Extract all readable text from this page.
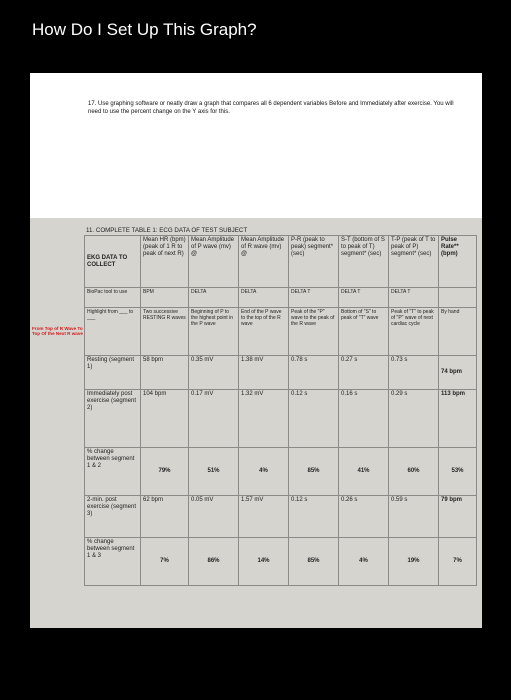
How Do I Set Up This Graph?
17. Use graphing software or neatly draw a graph that compares all 6 dependent variables Before and Immediately after exercise. You will need to use the percent change on the Y axis for this.
11. COMPLETE TABLE 1: ECG DATA OF TEST SUBJECT
From Top of R Wave To Top Of the Next R wave
EKG DATA TO COLLECT	Mean HR (bpm) (peak of 1 R to peak of next R)	Mean Amplitude of P wave (mv) @	Mean Amplitude of R wave (mv) @	P-R (peak to peak) segment* (sec)	S-T (bottom of S to peak of T) segment* (sec)	T-P (peak of T to peak of P) segment* (sec)	Pulse Rate** (bpm)
BioPac tool to use	BPM	DELTA	DELTA	DELTA T	DELTA T	DELTA T	
Highlight from ___ to ___	Two successive RESTING R waves	Beginning of P to the highest point in the P wave	End of the P wave to the top of the R wave	Peak of the "P" wave to the peak of the R wave	Bottom of "S" to peak of "T" wave	Peak of "T" to peak of "P" wave of next cardiac cycle	By hand
Resting (segment 1)	58 bpm	0.35 mV	1.38 mV	0.78 s	0.27 s	0.73 s	74 bpm
Immediately post exercise (segment 2)	104 bpm	0.17 mV	1.32 mV	0.12 s	0.16 s	0.29 s	113 bpm
% change between segment 1 & 2	79%	51%	4%	85%	41%	60%	53%
2-min. post exercise (segment 3)	62 bpm	0.05 mV	1.57 mV	0.12 s	0.26 s	0.59 s	79 bpm
% change between segment 1 & 3	7%	86%	14%	85%	4%	19%	7%
